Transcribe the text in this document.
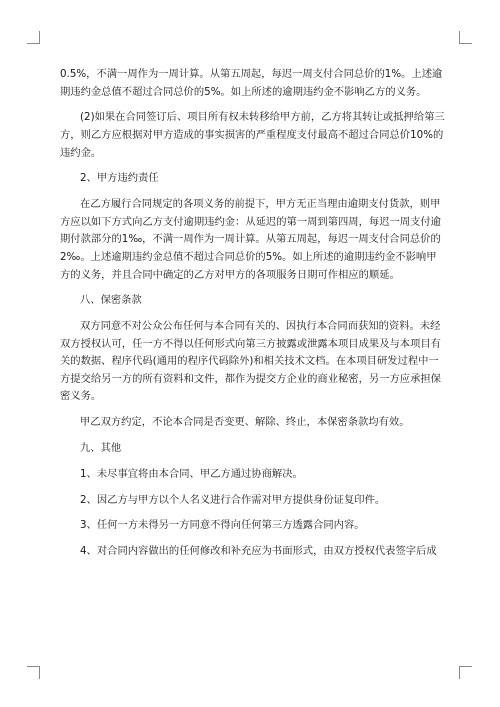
0.5%，不满一周作为一周计算。从第五周起，每迟一周支付合同总价的1%。上述逾
期违约金总值不超过合同总价的5%。如上所述的逾期违约金不影响乙方的义务。
(2)如果在合同签订后、项目所有权未转移给甲方前，乙方将其转让或抵押给第三
方，则乙方应根据对甲方造成的事实损害的严重程度支付最高不超过合同总价10%的
违约金。
2、甲方违约责任
在乙方履行合同规定的各项义务的前提下，甲方无正当理由逾期支付货款，则甲
方应以如下方式向乙方支付逾期违约金：从延迟的第一周到第四周，每迟一周支付逾
期付款部分的1‰，不满一周作为一周计算。从第五周起，每迟一周支付合同总价的
2‰。上述逾期违约金总值不超过合同总价的5%。如上所述的逾期违约金不影响甲
方的义务，并且合同中确定的乙方对甲方的各项服务日期可作相应的顺延。
八、保密条款
双方同意不对公众公布任何与本合同有关的、因执行本合同而获知的资料。未经
双方授权认可，任一方不得以任何形式向第三方披露或泄露本项目成果及与本项目有
关的数据、程序代码(通用的程序代码除外)和相关技术文档。在本项目研发过程中一
方提交给另一方的所有资料和文件，都作为提交方企业的商业秘密，另一方应承担保
密义务。
甲乙双方约定，不论本合同是否变更、解除、终止，本保密条款均有效。
九、其他
1、未尽事宜将由本合同、甲乙方通过协商解决。
2、因乙方与甲方以个人名义进行合作需对甲方提供身份证复印件。
3、任何一方未得另一方同意不得向任何第三方透露合同内容。
4、对合同内容做出的任何修改和补充应为书面形式，由双方授权代表签字后成
